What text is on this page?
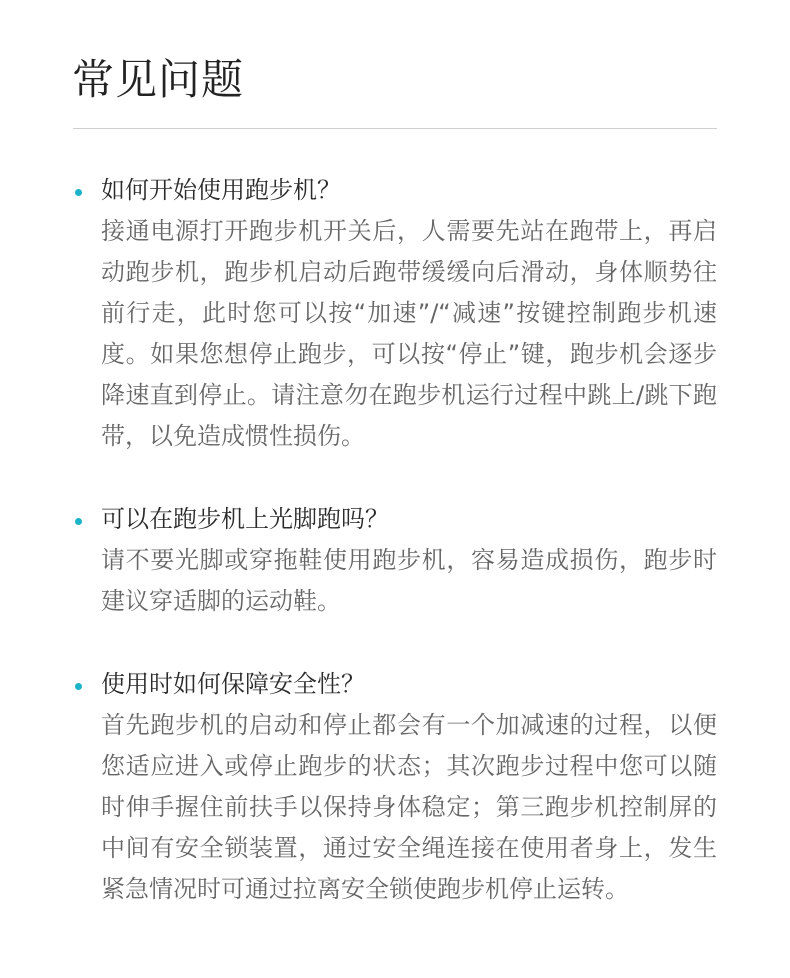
常见问题

如何开始使用跑步机？

接通电源打开跑步机开关后，人需要先站在跑带上，再启动跑步机，跑步机启动后跑带缓缓向后滑动，身体顺势往前行走，此时您可以按“加速”/“减速”按键控制跑步机速度。如果您想停止跑步，可以按“停止”键，跑步机会逐步降速直到停止。请注意勿在跑步机运行过程中跳上/跳下跑带，以免造成惯性损伤。

可以在跑步机上光脚跑吗？

请不要光脚或穿拖鞋使用跑步机，容易造成损伤，跑步时建议穿适脚的运动鞋。

使用时如何保障安全性？

首先跑步机的启动和停止都会有一个加减速的过程，以便您适应进入或停止跑步的状态；其次跑步过程中您可以随时伸手握住前扶手以保持身体稳定；第三跑步机控制屏的中间有安全锁装置，通过安全绳连接在使用者身上，发生紧急情况时可通过拉离安全锁使跑步机停止运转。
